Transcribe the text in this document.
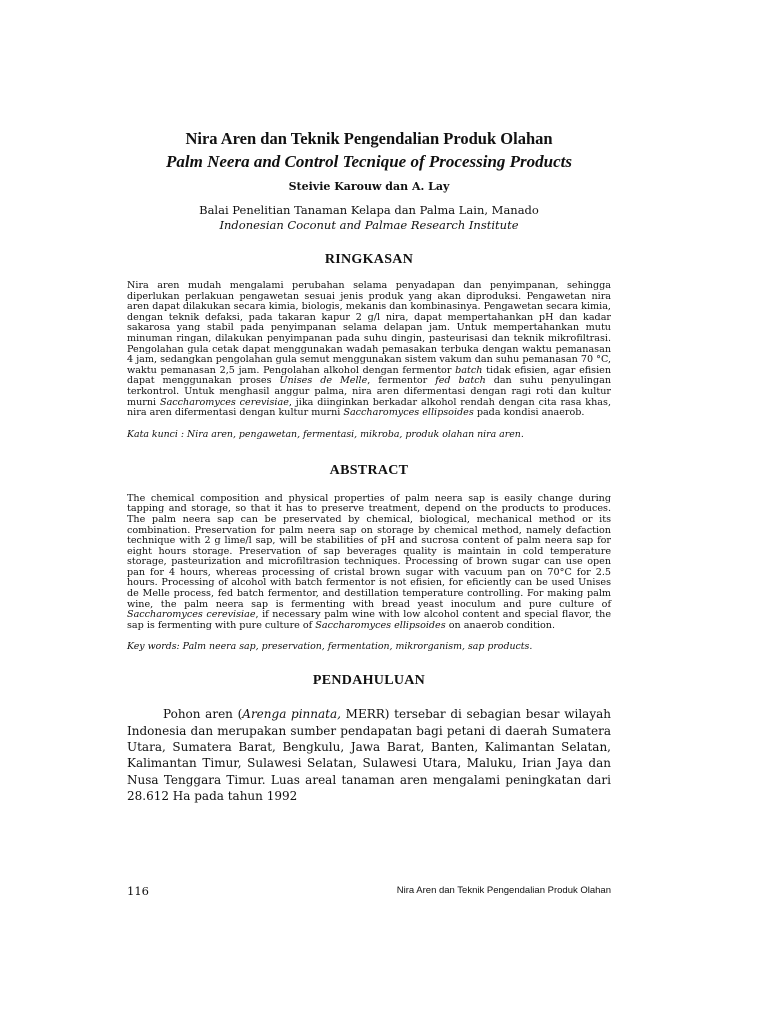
Nira Aren dan Teknik Pengendalian Produk Olahan
Palm Neera and Control Tecnique of Processing Products

Steivie Karouw dan A. Lay

Balai Penelitian Tanaman Kelapa dan Palma Lain, Manado

Indonesian Coconut and Palmae Research Institute

RINGKASAN

Nira aren mudah mengalami perubahan selama penyadapan dan penyimpanan, sehingga diperlukan perlakuan pengawetan sesuai jenis produk yang akan diproduksi. Pengawetan nira aren dapat dilakukan secara kimia, biologis, mekanis dan kombinasinya. Pengawetan secara kimia, dengan teknik defaksi, pada takaran kapur 2 g/l nira, dapat mempertahankan pH dan kadar sakarosa yang stabil pada penyimpanan selama delapan jam. Untuk mempertahankan mutu minuman ringan, dilakukan penyimpanan pada suhu dingin, pasteurisasi dan teknik mikrofiltrasi. Pengolahan gula cetak dapat menggunakan wadah pemasakan terbuka dengan waktu pemanasan 4 jam, sedangkan pengolahan gula semut menggunakan sistem vakum dan suhu pemanasan 70 °C, waktu pemanasan 2,5 jam. Pengolahan alkohol dengan fermentor batch tidak efisien, agar efisien dapat menggunakan proses Unises de Melle, fermentor fed batch dan suhu penyulingan terkontrol. Untuk menghasil anggur palma, nira aren difermentasi dengan ragi roti dan kultur murni Saccharomyces cerevisiae, jika diinginkan berkadar alkohol rendah dengan cita rasa khas, nira aren difermentasi dengan kultur murni Saccharomyces ellipsoides pada kondisi anaerob.

Kata kunci : Nira aren, pengawetan, fermentasi, mikroba, produk olahan nira aren.

ABSTRACT

The chemical composition and physical properties of palm neera sap is easily change during tapping and storage, so that it has to preserve treatment, depend on the products to produces. The palm neera sap can be preservated by chemical, biological, mechanical method or its combination. Preservation for palm neera sap on storage by chemical method, namely defaction technique with 2 g lime/l sap, will be stabilities of pH and sucrosa content of palm neera sap for eight hours storage. Preservation of sap beverages quality is maintain in cold temperature storage, pasteurization and microfiltrasion techniques. Processing of brown sugar can use open pan for 4 hours, whereas processing of cristal brown sugar with vacuum pan on 70°C for 2.5 hours. Processing of alcohol with batch fermentor is not efisien, for eficiently can be used Unises de Melle process, fed batch fermentor, and destillation temperature controlling. For making palm wine, the palm neera sap is fermenting with bread yeast inoculum and pure culture of Saccharomyces cerevisiae, if necessary palm wine with low alcohol content and special flavor, the sap is fermenting with pure culture of Saccharomyces ellipsoides on anaerob condition.

Key words: Palm neera sap, preservation, fermentation, mikrorganism, sap products.

PENDAHULUAN

Pohon aren (Arenga pinnata, MERR) tersebar di sebagian besar wilayah Indonesia dan merupakan sumber pendapatan bagi petani di daerah Sumatera Utara, Sumatera Barat, Bengkulu, Jawa Barat, Banten, Kalimantan Selatan, Kalimantan Timur, Sulawesi Selatan, Sulawesi Utara, Maluku, Irian Jaya dan Nusa Tenggara Timur. Luas areal tanaman aren mengalami peningkatan dari 28.612 Ha pada tahun 1992

116	Nira Aren dan Teknik Pengendalian Produk Olahan
